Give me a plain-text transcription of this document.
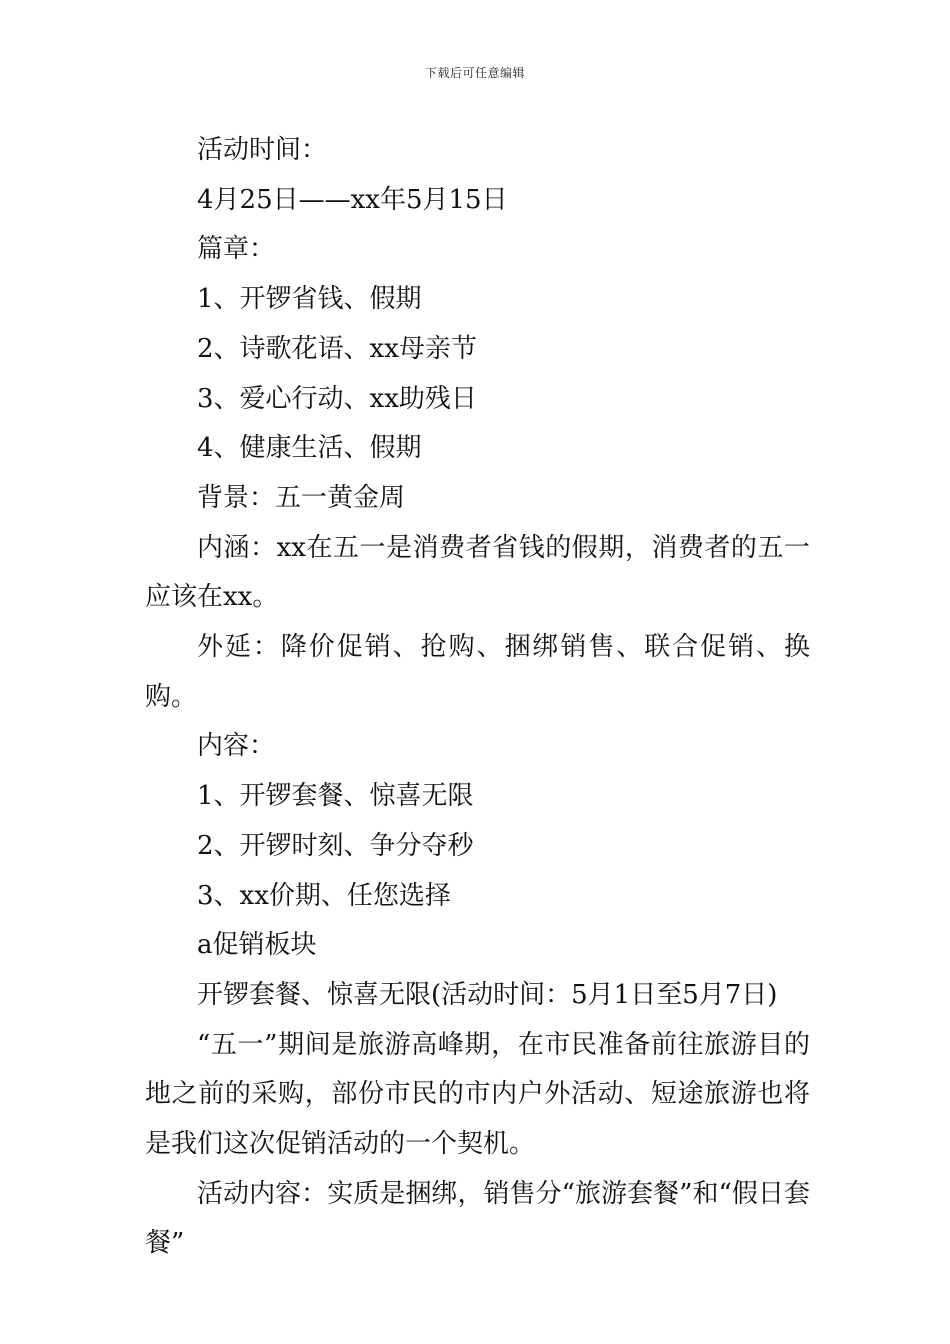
下载后可任意编辑

活动时间：

4月25日——xx年5月15日

篇章：

1、开锣省钱、假期

2、诗歌花语、xx母亲节

3、爱心行动、xx助残日

4、健康生活、假期

背景：五一黄金周

内涵：xx在五一是消费者省钱的假期，消费者的五一应该在xx。

外延：降价促销、抢购、捆绑销售、联合促销、换购。

内容：

1、开锣套餐、惊喜无限

2、开锣时刻、争分夺秒

3、xx价期、任您选择

a促销板块

开锣套餐、惊喜无限(活动时间：5月1日至5月7日)

“五一”期间是旅游高峰期，在市民准备前往旅游目的地之前的采购，部份市民的市内户外活动、短途旅游也将是我们这次促销活动的一个契机。

活动内容：实质是捆绑，销售分“旅游套餐”和“假日套餐”
